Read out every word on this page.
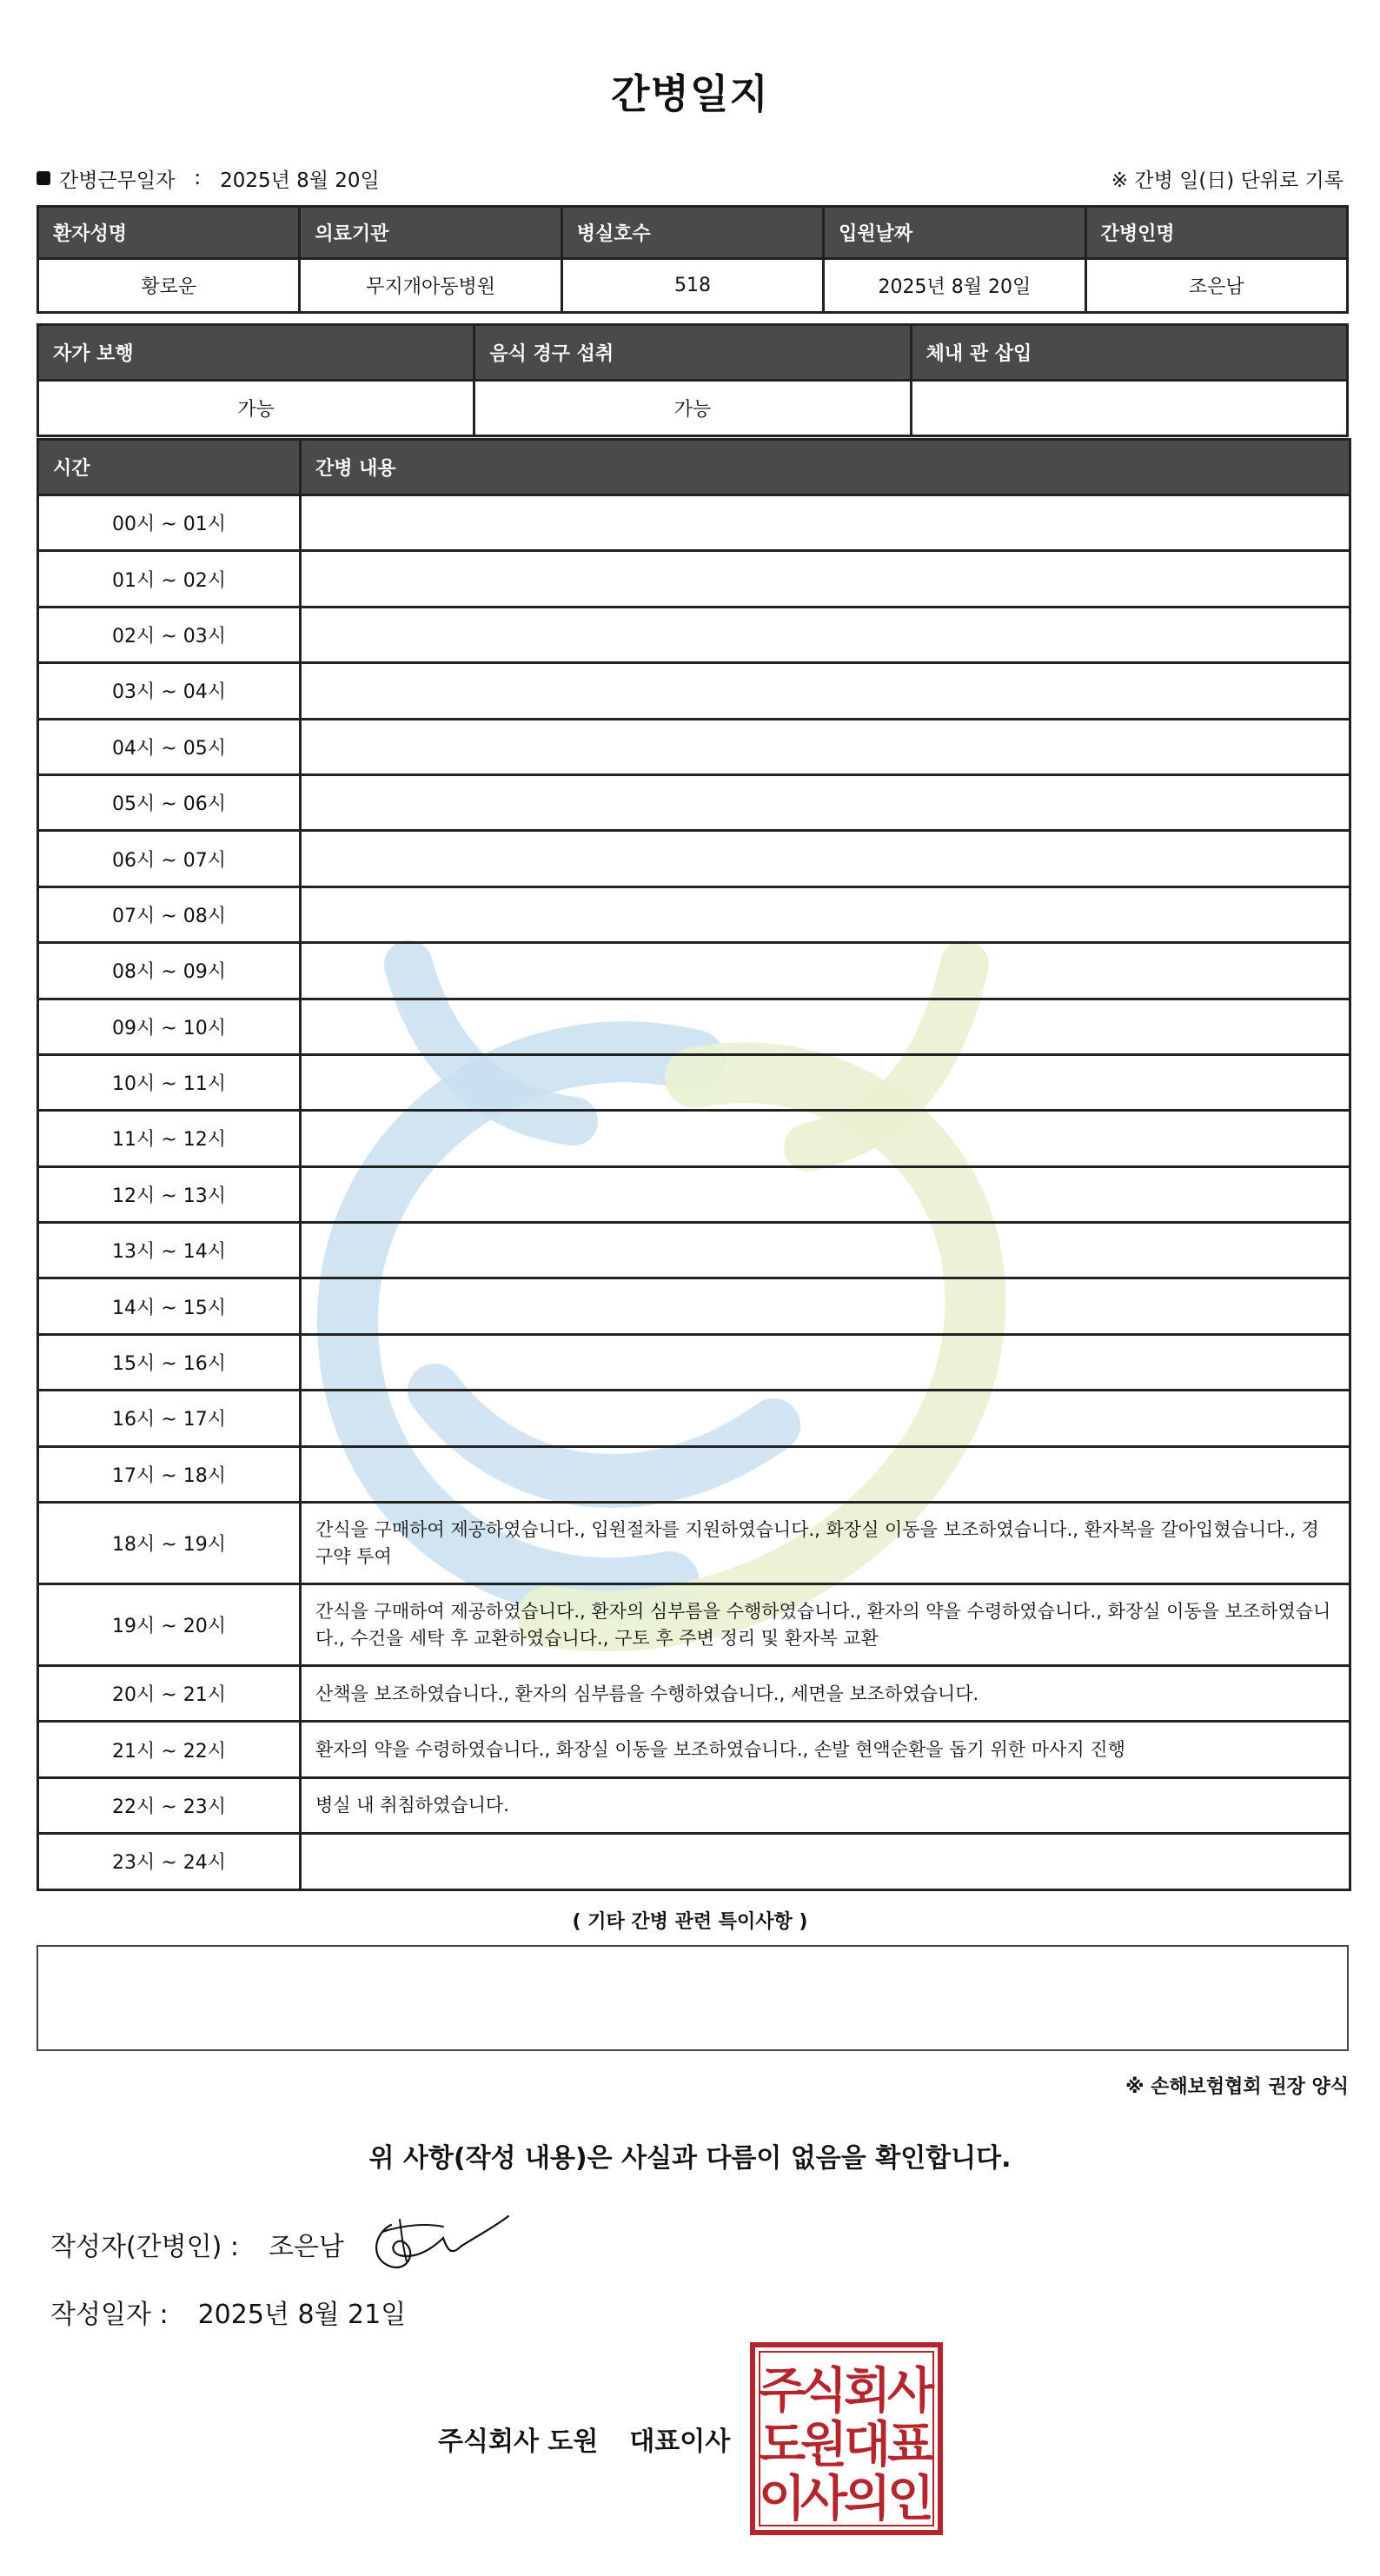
간병일지
간병근무일자 : 2025년 8월 20일	※ 간병 일(日) 단위로 기록
환자성명	의료기관	병실호수	입원날짜	간병인명
황로운	무지개아동병원	518	2025년 8월 20일	조은남
자가 보행	음식 경구 섭취	체내 관 삽입
가능	가능	
시간	간병 내용
00시 ~ 01시	
01시 ~ 02시	
02시 ~ 03시	
03시 ~ 04시	
04시 ~ 05시	
05시 ~ 06시	
06시 ~ 07시	
07시 ~ 08시	
08시 ~ 09시	
09시 ~ 10시	
10시 ~ 11시	
11시 ~ 12시	
12시 ~ 13시	
13시 ~ 14시	
14시 ~ 15시	
15시 ~ 16시	
16시 ~ 17시	
17시 ~ 18시	
18시 ~ 19시	간식을 구매하여 제공하였습니다., 입원절차를 지원하였습니다., 화장실 이동을 보조하였습니다., 환자복을 갈아입혔습니다., 경구약 투여
19시 ~ 20시	간식을 구매하여 제공하였습니다., 환자의 심부름을 수행하였습니다., 환자의 약을 수령하였습니다., 화장실 이동을 보조하였습니다., 수건을 세탁 후 교환하였습니다., 구토 후 주변 정리 및 환자복 교환
20시 ~ 21시	산책을 보조하였습니다., 환자의 심부름을 수행하였습니다., 세면을 보조하였습니다.
21시 ~ 22시	환자의 약을 수령하였습니다., 화장실 이동을 보조하였습니다., 손발 현액순환을 돕기 위한 마사지 진행
22시 ~ 23시	병실 내 취침하였습니다.
23시 ~ 24시	
( 기타 간병 관련 특이사항 )
※ 손해보험협회 권장 양식
위 사항(작성 내용)은 사실과 다름이 없음을 확인합니다.
작성자(간병인) : 조은남
작성일자 : 2025년 8월 21일
주식회사 도원 대표이사
주
식
회
사
도
원
대
표
이
사
의
인
